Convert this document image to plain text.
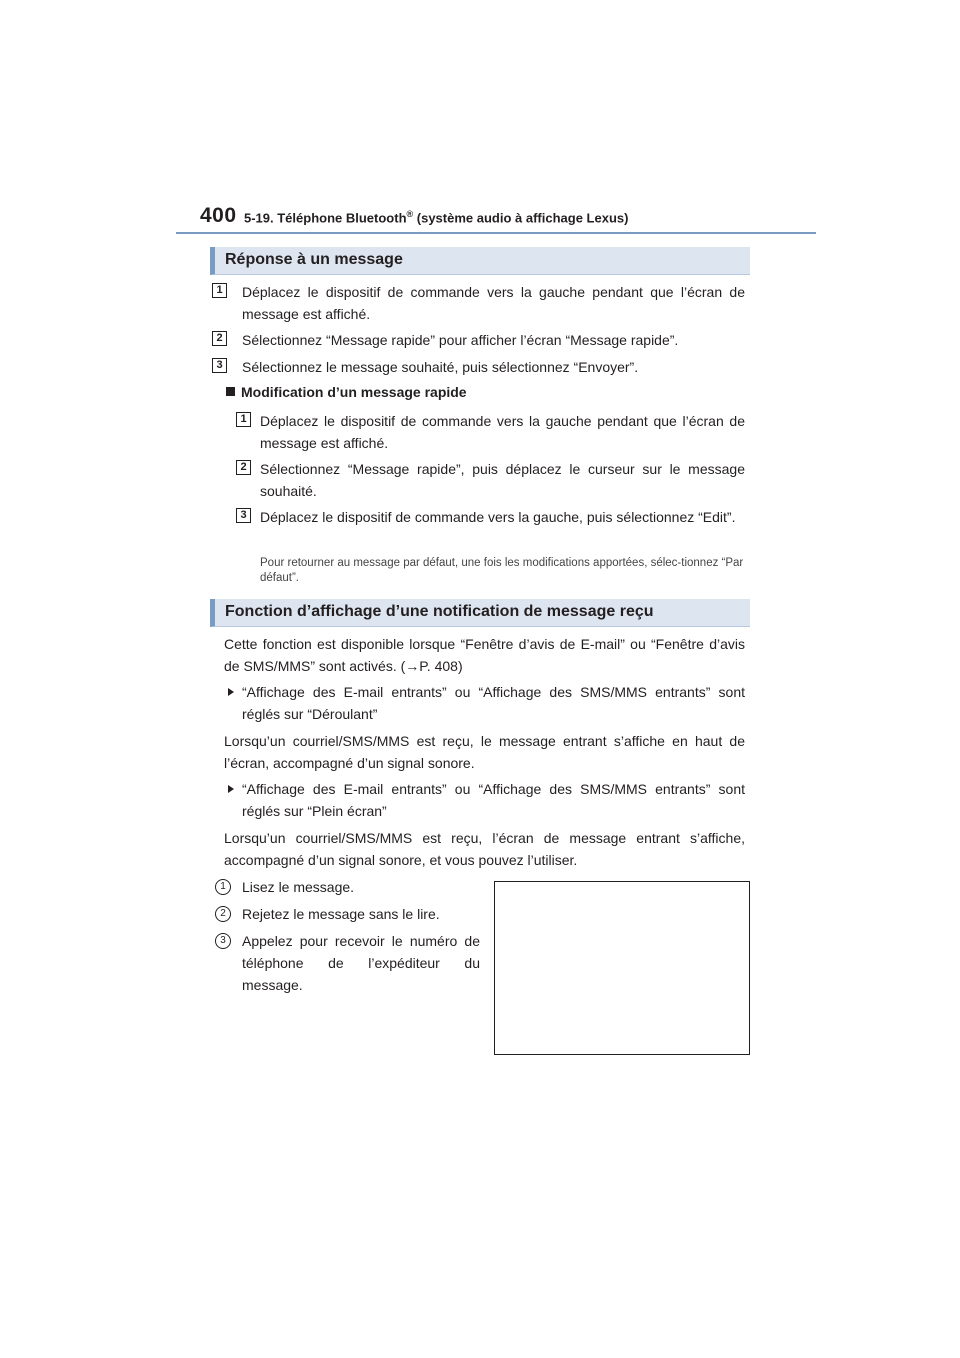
400 5-19. Téléphone Bluetooth® (système audio à affichage Lexus)
Réponse à un message
1	Déplacez le dispositif de commande vers la gauche pendant que l’écran de message est affiché.
2	Sélectionnez “Message rapide” pour afficher l’écran “Message rapide”.
3	Sélectionnez le message souhaité, puis sélectionnez “Envoyer”.
Modification d’un message rapide
1 Déplacez le dispositif de commande vers la gauche pendant que l’écran de message est affiché.
2 Sélectionnez “Message rapide”, puis déplacez le curseur sur le message souhaité.
3 Déplacez le dispositif de commande vers la gauche, puis sélectionnez “Edit”.
Pour retourner au message par défaut, une fois les modifications apportées, sélec-tionnez “Par défaut”.
Fonction d’affichage d’une notification de message reçu
Cette fonction est disponible lorsque “Fenêtre d’avis de E-mail” ou “Fenêtre d’avis de SMS/MMS” sont activés. (→P. 408)
“Affichage des E-mail entrants” ou “Affichage des SMS/MMS entrants” sont réglés sur “Déroulant”
Lorsqu’un courriel/SMS/MMS est reçu, le message entrant s’affiche en haut de l’écran, accompagné d’un signal sonore.
“Affichage des E-mail entrants” ou “Affichage des SMS/MMS entrants” sont réglés sur “Plein écran”
Lorsqu’un courriel/SMS/MMS est reçu, l’écran de message entrant s’affiche, accompagné d’un signal sonore, et vous pouvez l’utiliser.
1	Lisez le message.
2	Rejetez le message sans le lire.
3	Appelez pour recevoir le numéro de téléphone de l’expéditeur du message.
